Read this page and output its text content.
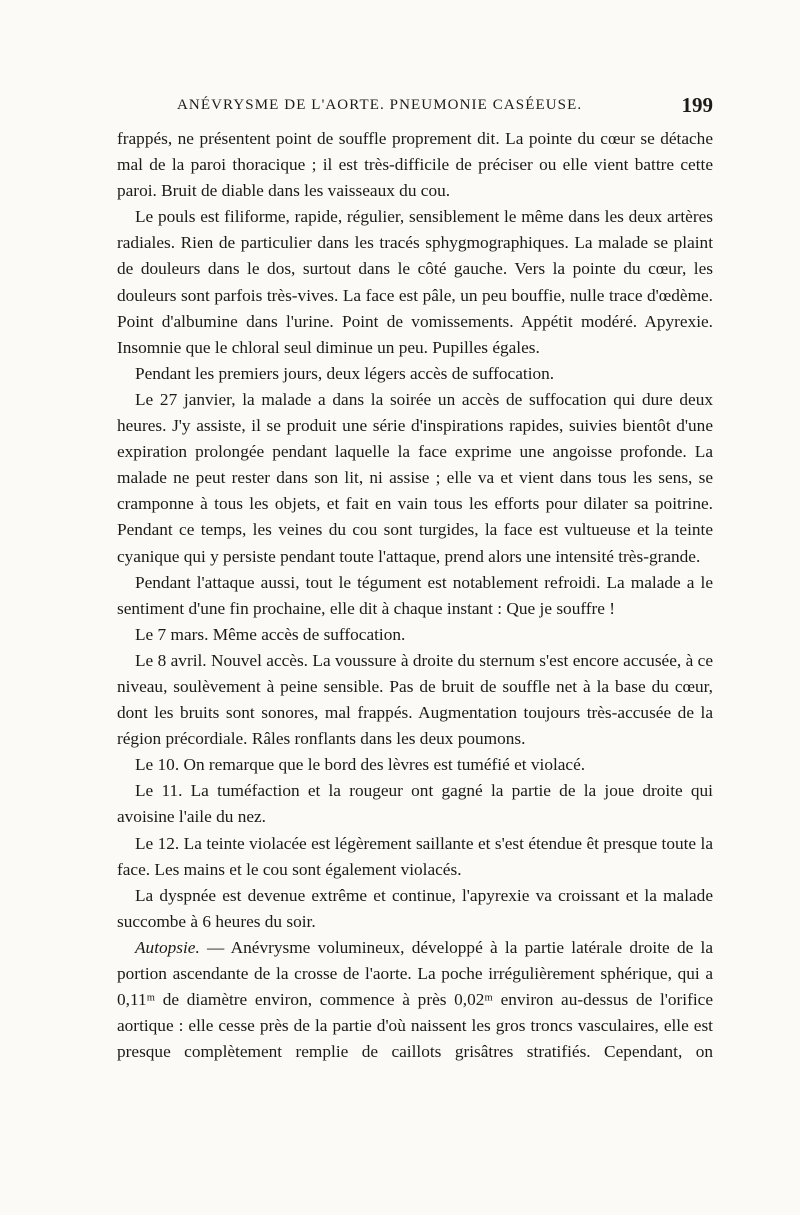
ANÉVRYSME DE L'AORTE. PNEUMONIE CASÉEUSE.	199

frappés, ne présentent point de souffle proprement dit. La pointe du cœur se détache mal de la paroi thoracique ; il est très-difficile de préciser ou elle vient battre cette paroi. Bruit de diable dans les vaisseaux du cou.

Le pouls est filiforme, rapide, régulier, sensiblement le même dans les deux artères radiales. Rien de particulier dans les tracés sphygmographiques. La malade se plaint de douleurs dans le dos, surtout dans le côté gauche. Vers la pointe du cœur, les douleurs sont parfois très-vives. La face est pâle, un peu bouffie, nulle trace d'œdème. Point d'albumine dans l'urine. Point de vomissements. Appétit modéré. Apyrexie. Insomnie que le chloral seul diminue un peu. Pupilles égales.

Pendant les premiers jours, deux légers accès de suffocation.

Le 27 janvier, la malade a dans la soirée un accès de suffocation qui dure deux heures. J'y assiste, il se produit une série d'inspirations rapides, suivies bientôt d'une expiration prolongée pendant laquelle la face exprime une angoisse profonde. La malade ne peut rester dans son lit, ni assise ; elle va et vient dans tous les sens, se cramponne à tous les objets, et fait en vain tous les efforts pour dilater sa poitrine. Pendant ce temps, les veines du cou sont turgides, la face est vultueuse et la teinte cyanique qui y persiste pendant toute l'attaque, prend alors une intensité très-grande.

Pendant l'attaque aussi, tout le tégument est notablement refroidi. La malade a le sentiment d'une fin prochaine, elle dit à chaque instant : Que je souffre !

Le 7 mars. Même accès de suffocation.

Le 8 avril. Nouvel accès. La voussure à droite du sternum s'est encore accusée, à ce niveau, soulèvement à peine sensible. Pas de bruit de souffle net à la base du cœur, dont les bruits sont sonores, mal frappés. Augmentation toujours très-accusée de la région précordiale. Râles ronflants dans les deux poumons.

Le 10. On remarque que le bord des lèvres est tuméfié et violacé.

Le 11. La tuméfaction et la rougeur ont gagné la partie de la joue droite qui avoisine l'aile du nez.

Le 12. La teinte violacée est légèrement saillante et s'est étendue êt presque toute la face. Les mains et le cou sont également violacés.

La dyspnée est devenue extrême et continue, l'apyrexie va croissant et la malade succombe à 6 heures du soir.

Autopsie. — Anévrysme volumineux, développé à la partie latérale droite de la portion ascendante de la crosse de l'aorte. La poche irrégulièrement sphérique, qui a 0,11ᵐ de diamètre environ, commence à près 0,02ᵐ environ au-dessus de l'orifice aortique : elle cesse près de la partie d'où naissent les gros troncs vasculaires, elle est presque complètement remplie de caillots grisâtres stratifiés. Cependant, on
